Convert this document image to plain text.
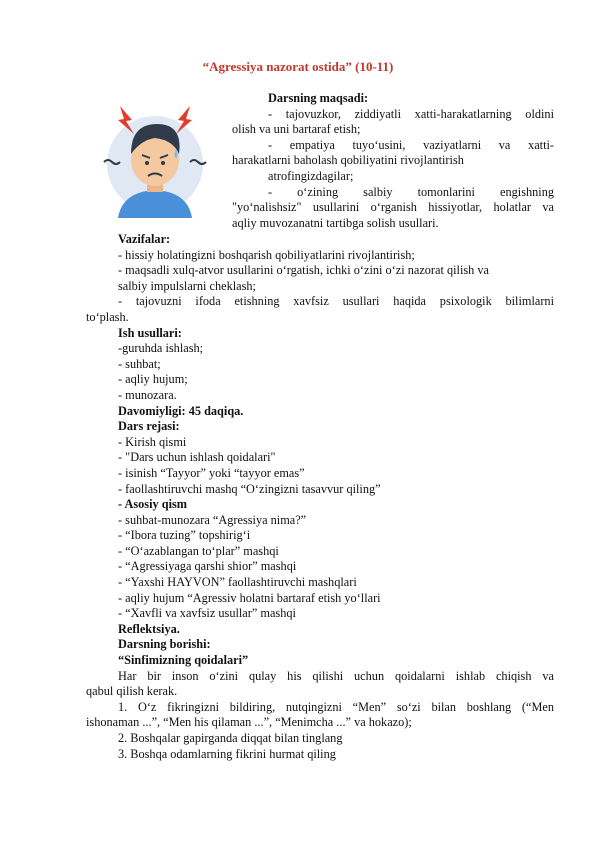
“Agressiya nazorat ostida” (10-11)
Darsning maqsadi:
- tajovuzkor, ziddiyatli xatti-harakatlarning oldini
olish va uni bartaraf etish;
- empatiya tuyo‘usini, vaziyatlarni va xatti-
harakatlarni baholash qobiliyatini rivojlantirish
atrofingizdagilar;
- o‘zining salbiy tomonlarini engishning
"yo‘nalishsiz" usullarini o‘rganish hissiyotlar, holatlar va
aqliy muvozanatni tartibga solish usullari.
Vazifalar:
- hissiy holatingizni boshqarish qobiliyatlarini rivojlantirish;
- maqsadli xulq-atvor usullarini o‘rgatish, ichki o‘zini o‘zi nazorat qilish va
salbiy impulslarni cheklash;
- tajovuzni ifoda etishning xavfsiz usullari haqida psixologik bilimlarni
to‘plash.
Ish usullari:
-guruhda ishlash;
- suhbat;
- aqliy hujum;
- munozara.
Davomiyligi: 45 daqiqa.
Dars rejasi:
- Kirish qismi
- "Dars uchun ishlash qoidalari"
- isinish “Tayyor” yoki “tayyor emas”
- faollashtiruvchi mashq “O‘zingizni tasavvur qiling”
- Asosiy qism
- suhbat-munozara “Agressiya nima?”
- “Ibora tuzing” topshirig‘i
- “O‘azablangan to‘plar” mashqi
- “Agressiyaga qarshi shior” mashqi
- “Yaxshi HAYVON” faollashtiruvchi mashqlari
- aqliy hujum “Agressiv holatni bartaraf etish yo‘llari
- “Xavfli va xavfsiz usullar” mashqi
Reflektsiya.
Darsning borishi:
“Sinfimizning qoidalari”
Har bir inson o‘zini qulay his qilishi uchun qoidalarni ishlab chiqish va
qabul qilish kerak.
1. O‘z fikringizni bildiring, nutqingizni “Men” so‘zi bilan boshlang (“Men
ishonaman ...”, “Men his qilaman ...”, “Menimcha ...” va hokazo);
2. Boshqalar gapirganda diqqat bilan tinglang
3. Boshqa odamlarning fikrini hurmat qiling
